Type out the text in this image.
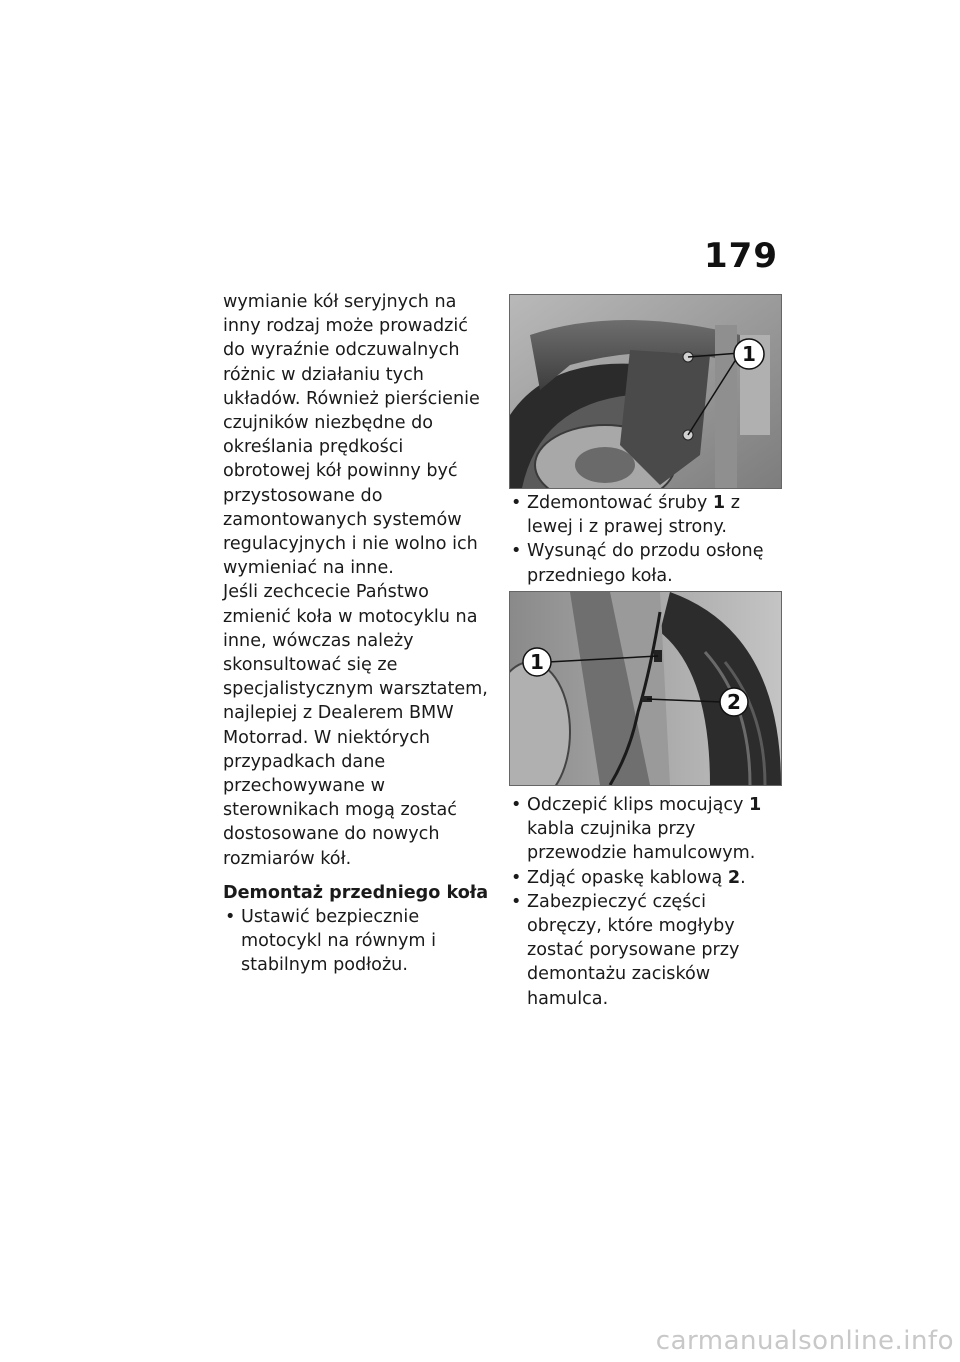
179

wymianie kół seryjnych na inny rodzaj może prowadzić do wyraźnie odczuwalnych różnic w działaniu tych układów. Również pierścienie czujników niezbędne do określania prędkości obrotowej kół powinny być przystosowane do zamontowanych systemów regulacyjnych i nie wolno ich wymieniać na inne.

Jeśli zechcecie Państwo zmienić koła w motocyklu na inne, wówczas należy skonsultować się ze specjalistycznym warsztatem, najlepiej z Dealerem BMW Motorrad. W niektórych przypadkach dane przechowywane w sterownikach mogą zostać dostosowane do nowych rozmiarów kół.

Demontaż przedniego koła
• Ustawić bezpiecznie motocykl na równym i stabilnym podłożu.
1
• Zdemontować śruby 1 z lewej i z prawej strony.
• Wysunąć do przodu osłonę przedniego koła.
1
2
• Odczepić klips mocujący 1 kabla czujnika przy przewodzie hamulcowym.
• Zdjąć opaskę kablową 2.
• Zabezpieczyć części obręczy, które mogłyby zostać porysowane przy demontażu zacisków hamulca.
carmanualsonline.info
